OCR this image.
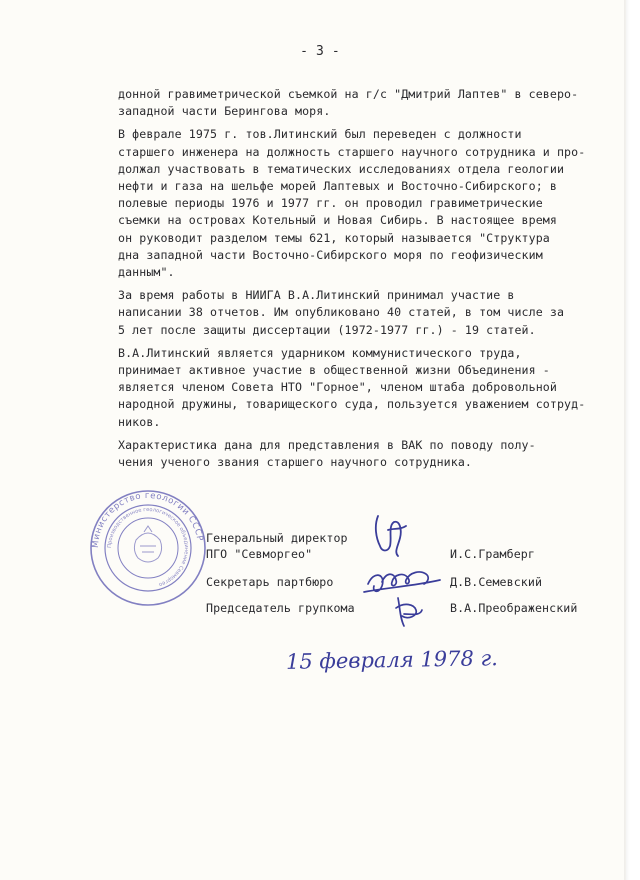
- 3 -

донной гравиметрической съемкой на г/с "Дмитрий Лаптев" в северо-
западной части Берингова моря.

В феврале 1975 г. тов.Литинский был переведен с должности
старшего инженера на должность старшего научного сотрудника и про-
должал участвовать в тематических исследованиях отдела геологии
нефти и газа на шельфе морей Лаптевых и Восточно-Сибирского; в
полевые периоды 1976 и 1977 гг. он проводил гравиметрические
съемки на островах Котельный и Новая Сибирь. В настоящее время
он руководит разделом темы 621, который называется "Структура
дна западной части Восточно-Сибирского моря по геофизическим
данным".

За время работы в НИИГА В.А.Литинский принимал участие в
написании 38 отчетов. Им опубликовано 40 статей, в том числе за
5 лет после защиты диссертации (1972-1977 гг.) - 19 статей.

В.А.Литинский является ударником коммунистического труда,
принимает активное участие в общественной жизни Объединения -
является членом Совета НТО "Горное", членом штаба добровольной
народной дружины, товарищеского суда, пользуется уважением сотруд-
ников.

Характеристика дана для представления в ВАК по поводу полу-
чения ученого звания старшего научного сотрудника.

Министерство геологии СССР
Производственное геологическое объединение Севморгео
Генеральный директор
ПГО "Севморгео"	И.С.Грамберг
Секретарь партбюро	Д.В.Семевский
Председатель групкома	В.А.Преображенский
15 февраля 1978 г.
